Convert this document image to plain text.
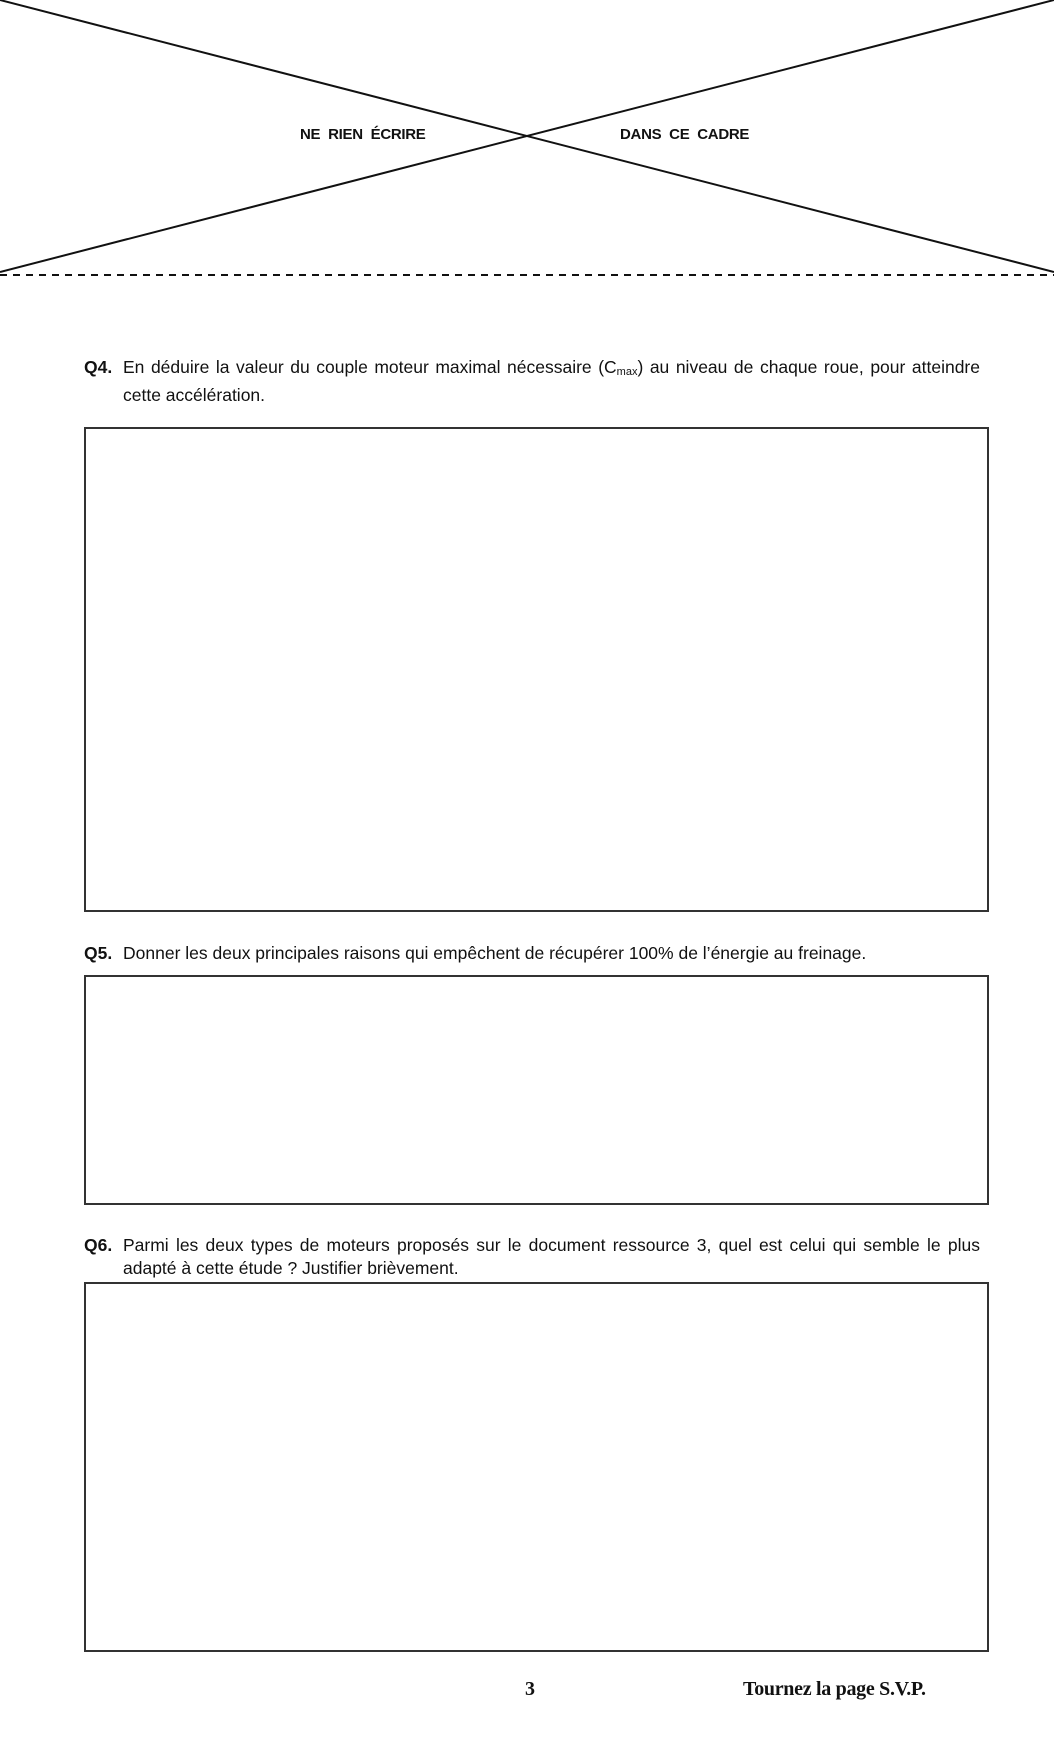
NE RIEN ÉCRIRE	DANS CE CADRE
Q4. En déduire la valeur du couple moteur maximal nécessaire $(C_{max})$ au niveau de chaque roue, pour atteindre cette accélération.
Q5. Donner les deux principales raisons qui empêchent de récupérer 100% de l’énergie au freinage.
Q6. Parmi les deux types de moteurs proposés sur le document ressource 3, quel est celui qui semble le plus adapté à cette étude ? Justifier brièvement.
3	Tournez la page S.V.P.
